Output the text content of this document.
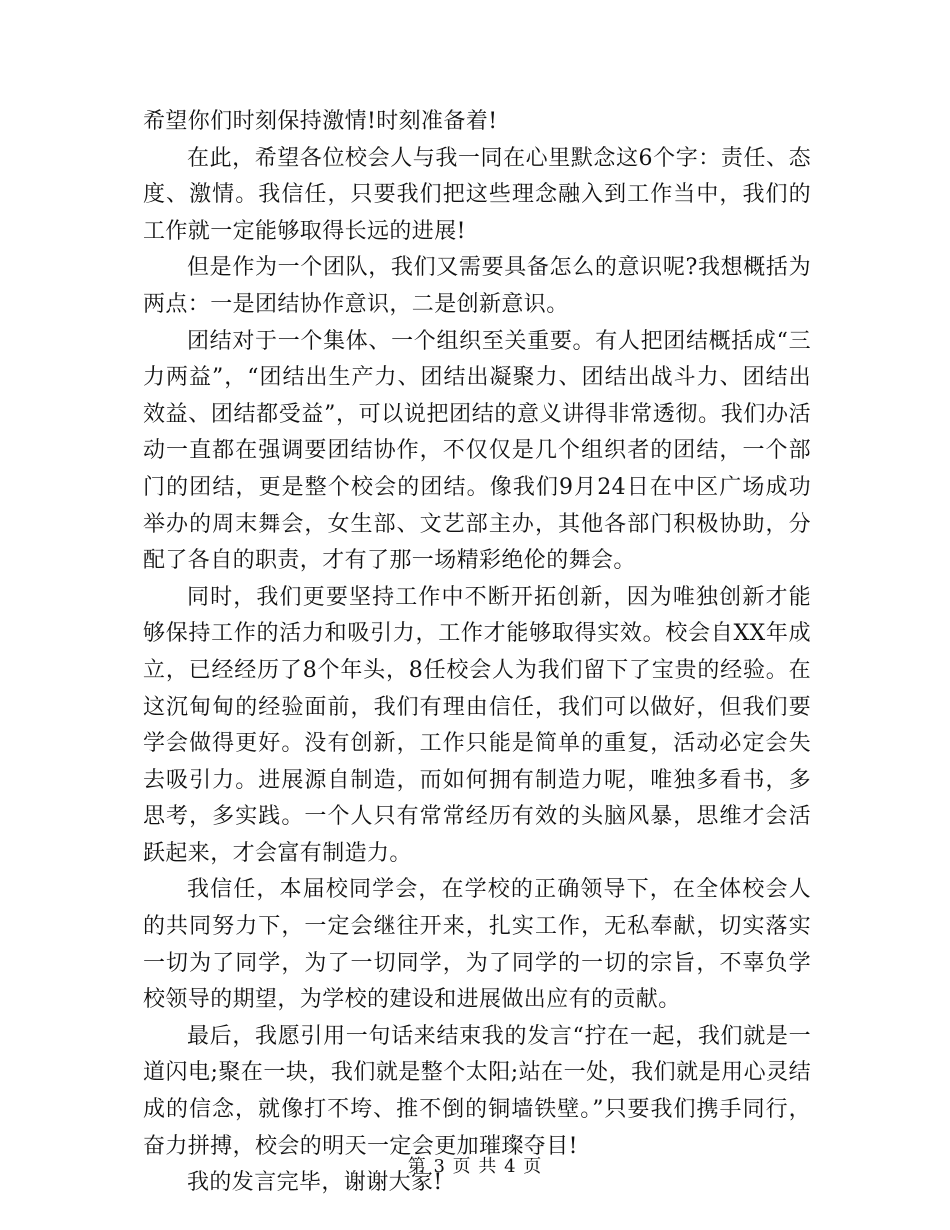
希望你们时刻保持激情!时刻准备着!

在此，希望各位校会人与我一同在心里默念这6个字：责任、态度、激情。我信任，只要我们把这些理念融入到工作当中，我们的工作就一定能够取得长远的进展!

但是作为一个团队，我们又需要具备怎么的意识呢?我想概括为两点：一是团结协作意识，二是创新意识。

团结对于一个集体、一个组织至关重要。有人把团结概括成“三力两益”，“团结出生产力、团结出凝聚力、团结出战斗力、团结出效益、团结都受益”，可以说把团结的意义讲得非常透彻。我们办活动一直都在强调要团结协作，不仅仅是几个组织者的团结，一个部门的团结，更是整个校会的团结。像我们9月24日在中区广场成功举办的周末舞会，女生部、文艺部主办，其他各部门积极协助，分配了各自的职责，才有了那一场精彩绝伦的舞会。

同时，我们更要坚持工作中不断开拓创新，因为唯独创新才能够保持工作的活力和吸引力，工作才能够取得实效。校会自XX年成立，已经经历了8个年头，8任校会人为我们留下了宝贵的经验。在这沉甸甸的经验面前，我们有理由信任，我们可以做好，但我们要学会做得更好。没有创新，工作只能是简单的重复，活动必定会失去吸引力。进展源自制造，而如何拥有制造力呢，唯独多看书，多思考，多实践。一个人只有常常经历有效的头脑风暴，思维才会活跃起来，才会富有制造力。

我信任，本届校同学会，在学校的正确领导下，在全体校会人的共同努力下，一定会继往开来，扎实工作，无私奉献，切实落实一切为了同学，为了一切同学，为了同学的一切的宗旨，不辜负学校领导的期望，为学校的建设和进展做出应有的贡献。

最后，我愿引用一句话来结束我的发言“拧在一起，我们就是一道闪电;聚在一块，我们就是整个太阳;站在一处，我们就是用心灵结成的信念，就像打不垮、推不倒的铜墙铁壁。”只要我们携手同行，奋力拼搏，校会的明天一定会更加璀璨夺目!

我的发言完毕，谢谢大家!

第 3 页 共 4 页
